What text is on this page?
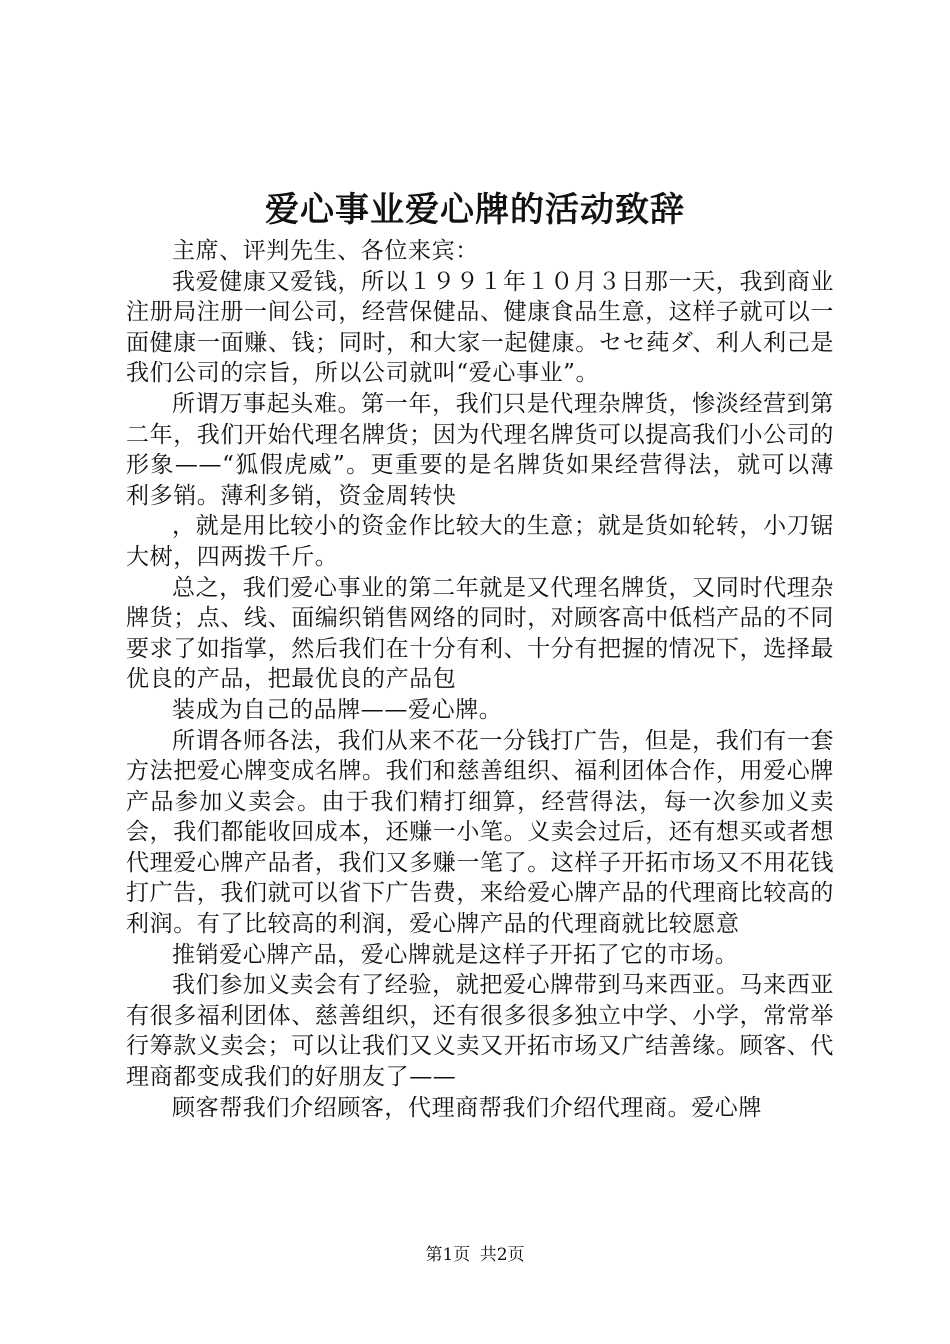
爱心事业爱心牌的活动致辞

主席、评判先生、各位来宾：

我爱健康又爱钱，所以１９９１年１０月３日那一天，我到商业注册局注册一间公司，经营保健品、健康食品生意，这样子就可以一面健康一面赚、钱；同时，和大家一起健康。セセ莼ダ、利人利己是我们公司的宗旨，所以公司就叫“爱心事业”。

所谓万事起头难。第一年，我们只是代理杂牌货，惨淡经营到第二年，我们开始代理名牌货；因为代理名牌货可以提高我们小公司的形象——“狐假虎威”。更重要的是名牌货如果经营得法，就可以薄利多销。薄利多销，资金周转快

，就是用比较小的资金作比较大的生意；就是货如轮转，小刀锯大树，四两拨千斤。

总之，我们爱心事业的第二年就是又代理名牌货，又同时代理杂牌货；点、线、面编织销售网络的同时，对顾客高中低档产品的不同要求了如指掌，然后我们在十分有利、十分有把握的情况下，选择最优良的产品，把最优良的产品包

装成为自己的品牌——爱心牌。

所谓各师各法，我们从来不花一分钱打广告，但是，我们有一套方法把爱心牌变成名牌。我们和慈善组织、福利团体合作，用爱心牌产品参加义卖会。由于我们精打细算，经营得法，每一次参加义卖会，我们都能收回成本，还赚一小笔。义卖会过后，还有想买或者想代理爱心牌产品者，我们又多赚一笔了。这样子开拓市场又不用花钱打广告，我们就可以省下广告费，来给爱心牌产品的代理商比较高的利润。有了比较高的利润，爱心牌产品的代理商就比较愿意

推销爱心牌产品，爱心牌就是这样子开拓了它的市场。

我们参加义卖会有了经验，就把爱心牌带到马来西亚。马来西亚有很多福利团体、慈善组织，还有很多很多独立中学、小学，常常举行筹款义卖会；可以让我们又义卖又开拓市场又广结善缘。顾客、代理商都变成我们的好朋友了——

顾客帮我们介绍顾客，代理商帮我们介绍代理商。爱心牌

第1页 共2页
